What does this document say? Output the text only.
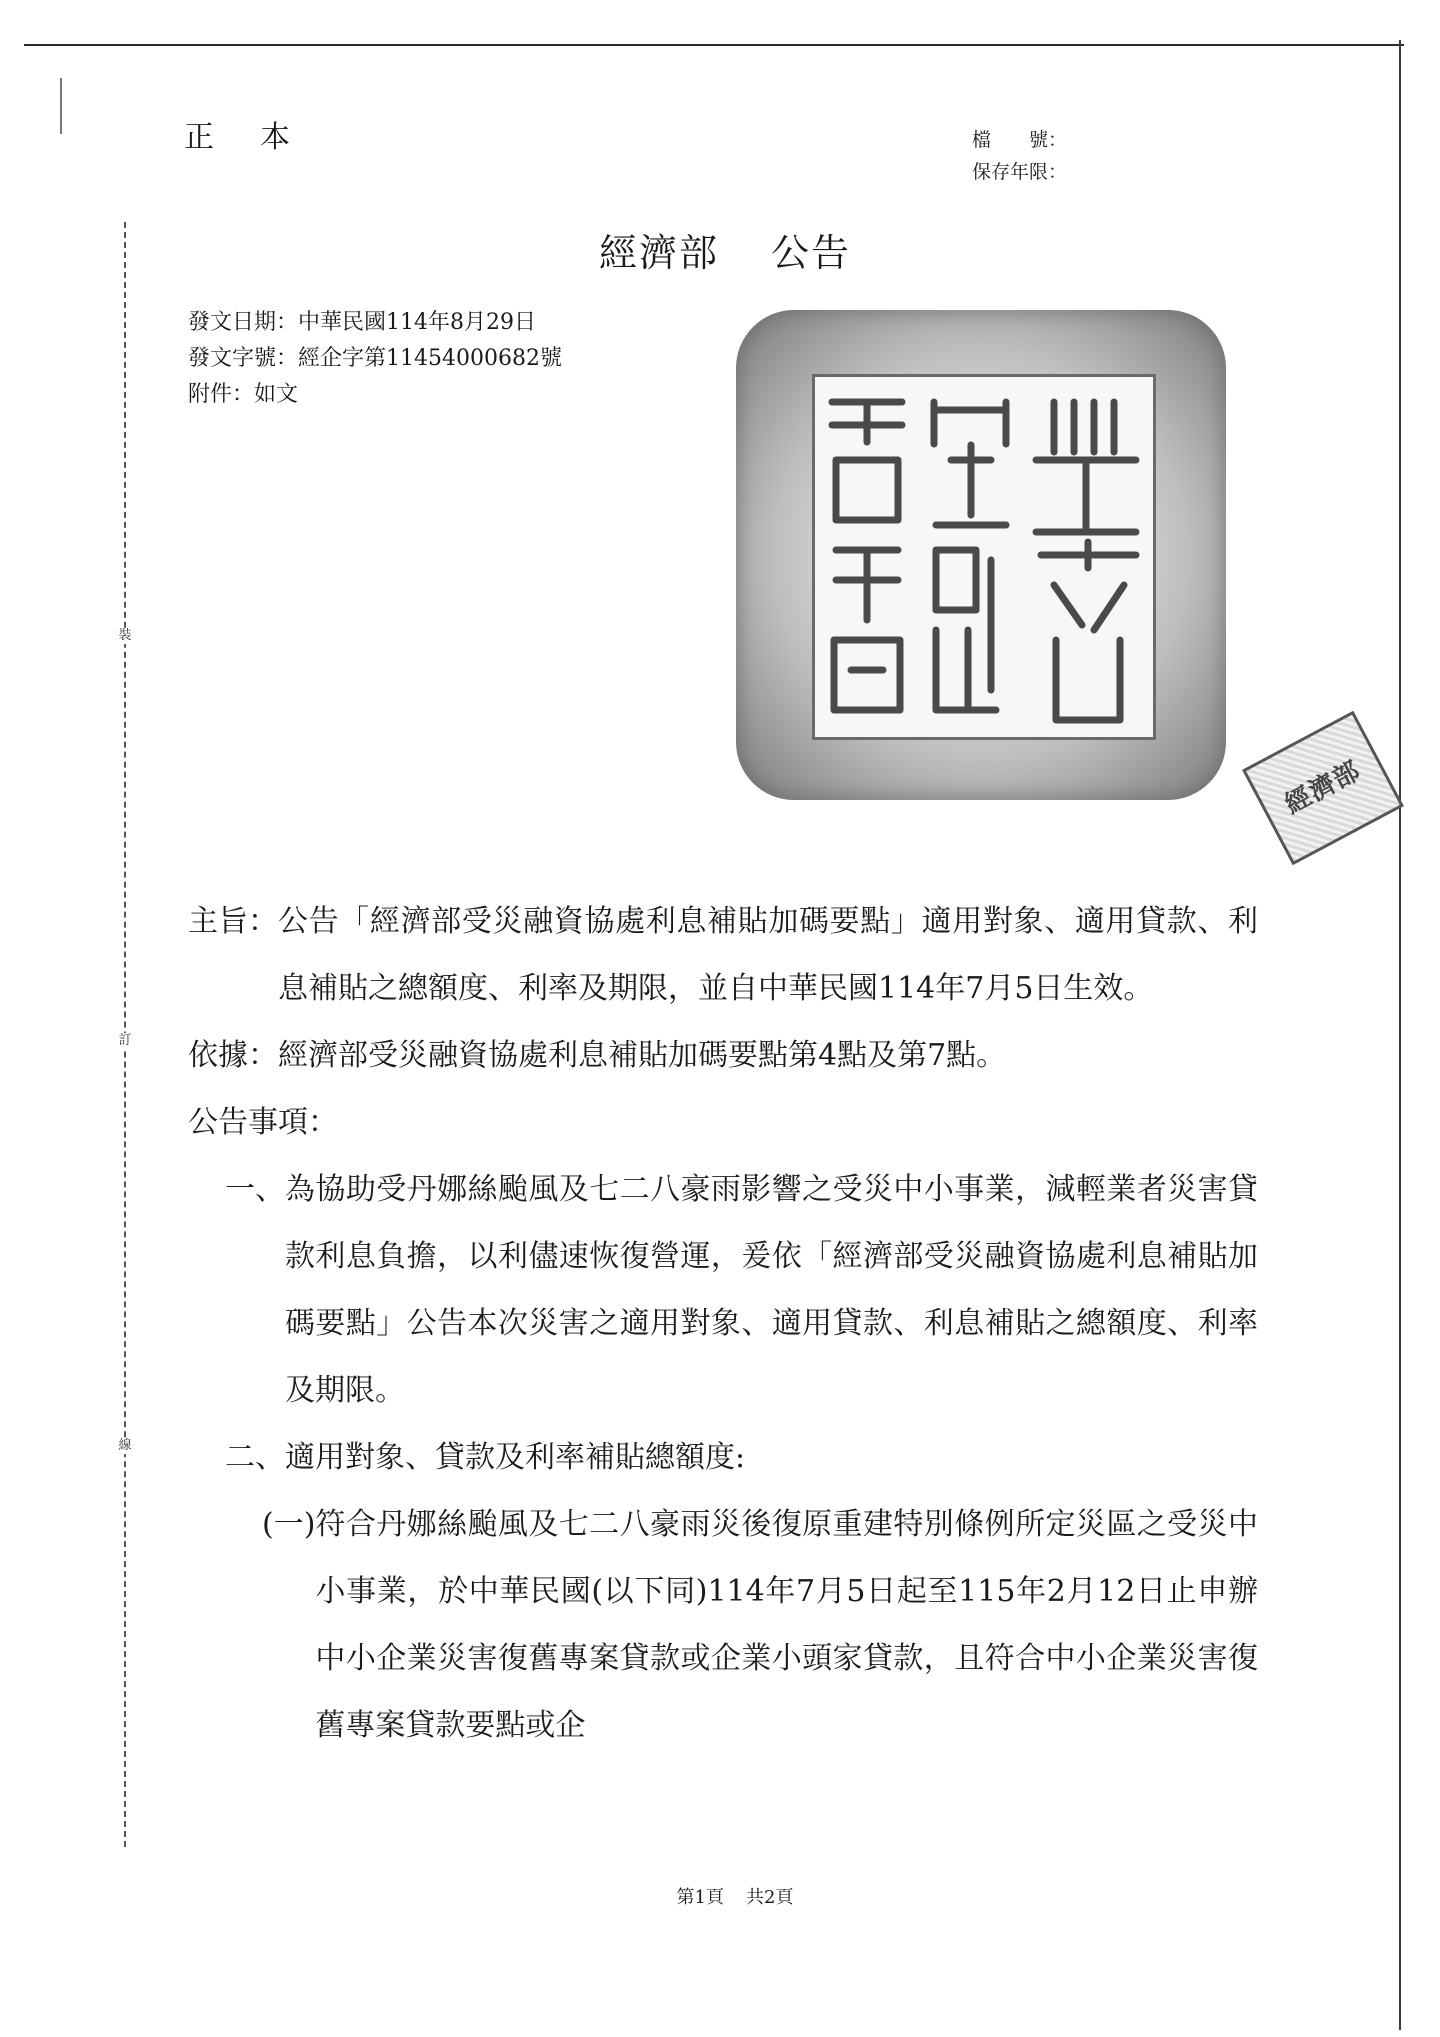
裝
訂
線
正　本	檔　　號：
保存年限：
經濟部 公告
發文日期：中華民國114年8月29日
發文字號：經企字第11454000682號
附件：如文
經濟部
主旨： 公告「經濟部受災融資協處利息補貼加碼要點」適用對象、適用貸款、利息補貼之總額度、利率及期限，並自中華民國114年7月5日生效。
依據： 經濟部受災融資協處利息補貼加碼要點第4點及第7點。
公告事項：
一、 為協助受丹娜絲颱風及七二八豪雨影響之受災中小事業，減輕業者災害貸款利息負擔，以利儘速恢復營運，爰依「經濟部受災融資協處利息補貼加碼要點」公告本次災害之適用對象、適用貸款、利息補貼之總額度、利率及期限。
二、 適用對象、貸款及利率補貼總額度:
(一) 符合丹娜絲颱風及七二八豪雨災後復原重建特別條例所定災區之受災中小事業，於中華民國(以下同)114年7月5日起至115年2月12日止申辦中小企業災害復舊專案貸款或企業小頭家貸款，且符合中小企業災害復舊專案貸款要點或企
第1頁 共2頁
